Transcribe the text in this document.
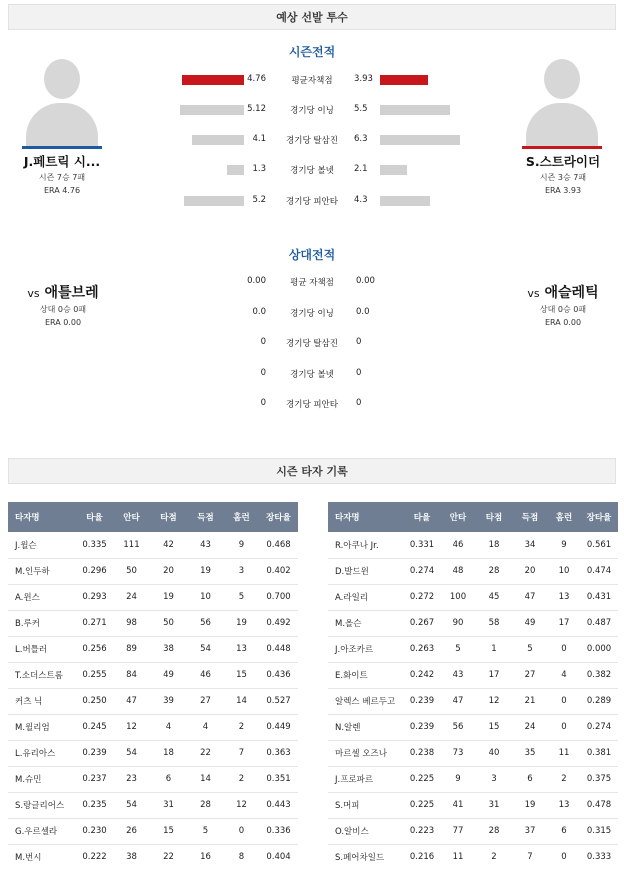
예상 선발 투수
시즌전적
J.페트릭 시...
시즌 7승 7패
ERA 4.76
S.스트라이더
시즌 3승 7패
ERA 3.93
4.76	평균자책점	3.93
5.12	경기당 이닝	5.5
4.1	경기당 탈삼진	6.3
1.3	경기당 볼넷	2.1
5.2	경기당 피안타	4.3
상대전적
vs 애틀브레
상대 0승 0패
ERA 0.00
vs 애슬레틱
상대 0승 0패
ERA 0.00
0.00	평균 자책점	0.00
0.0	경기당 이닝	0.0
0	경기당 탈삼진	0
0	경기당 볼넷	0
0	경기당 피안타	0
시즌 타자 기록
타자명	타율	안타	타점	득점	홈런	장타율
J.윌슨	0.335	111	42	43	9	0.468
M.인두하	0.296	50	20	19	3	0.402
A.윈스	0.293	24	19	10	5	0.700
B.루커	0.271	98	50	56	19	0.492
L.버틀러	0.256	89	38	54	13	0.448
T.소더스트롬	0.255	84	49	46	15	0.436
커츠 닉	0.250	47	39	27	14	0.527
M.윌리엄	0.245	12	4	4	2	0.449
L.유리아스	0.239	54	18	22	7	0.363
M.슈민	0.237	23	6	14	2	0.351
S.랑글리어스	0.235	54	31	28	12	0.443
G.우르셀라	0.230	26	15	5	0	0.336
M.번시	0.222	38	22	16	8	0.404
타자명	타율	안타	타점	득점	홈런	장타율
R.아쿠나 Jr.	0.331	46	18	34	9	0.561
D.발드윈	0.274	48	28	20	10	0.474
A.라일리	0.272	100	45	47	13	0.431
M.올슨	0.267	90	58	49	17	0.487
J.아조카르	0.263	5	1	5	0	0.000
E.화이트	0.242	43	17	27	4	0.382
알렉스 베르두고	0.239	47	12	21	0	0.289
N.알렌	0.239	56	15	24	0	0.274
마르셀 오즈나	0.238	73	40	35	11	0.381
J.프로파르	0.225	9	3	6	2	0.375
S.머피	0.225	41	31	19	13	0.478
O.알비스	0.223	77	28	37	6	0.315
S.페어차일드	0.216	11	2	7	0	0.333
